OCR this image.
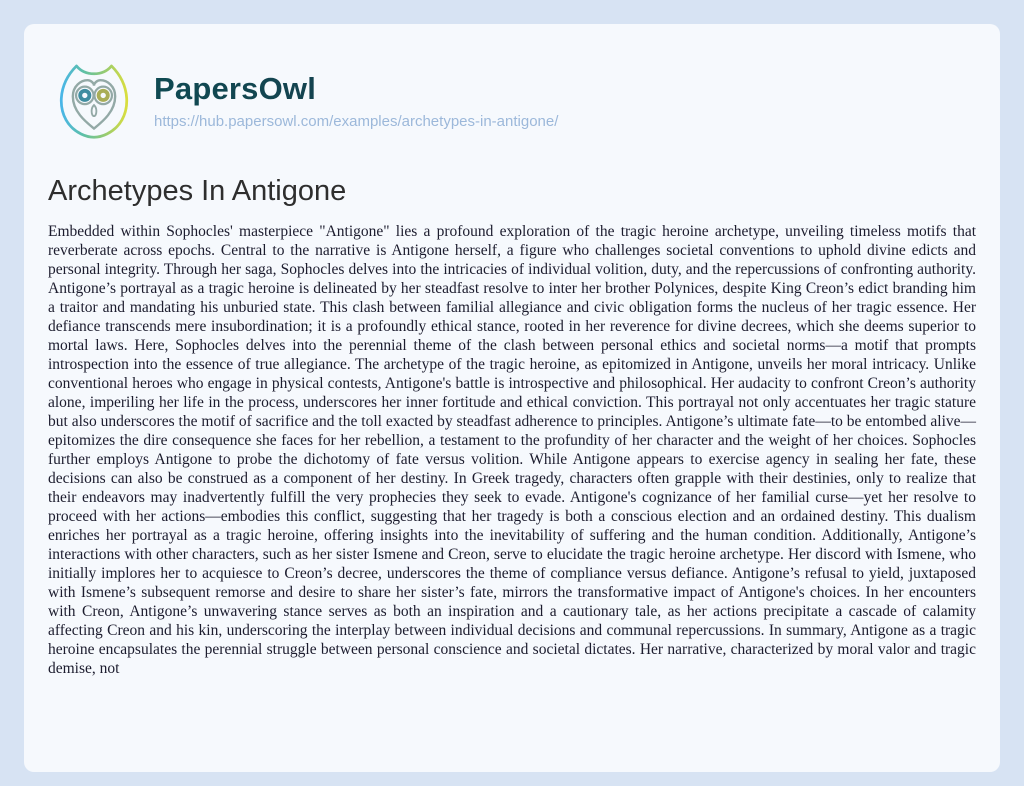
PapersOwl
https://hub.papersowl.com/examples/archetypes-in-antigone/
Archetypes In Antigone

Embedded within Sophocles' masterpiece "Antigone" lies a profound exploration of the tragic heroine archetype, unveiling timeless motifs that reverberate across epochs. Central to the narrative is Antigone herself, a figure who challenges societal conventions to uphold divine edicts and personal integrity. Through her saga, Sophocles delves into the intricacies of individual volition, duty, and the repercussions of confronting authority. Antigone’s portrayal as a tragic heroine is delineated by her steadfast resolve to inter her brother Polynices, despite King Creon’s edict branding him a traitor and mandating his unburied state. This clash between familial allegiance and civic obligation forms the nucleus of her tragic essence. Her defiance transcends mere insubordination; it is a profoundly ethical stance, rooted in her reverence for divine decrees, which she deems superior to mortal laws. Here, Sophocles delves into the perennial theme of the clash between personal ethics and societal norms—a motif that prompts introspection into the essence of true allegiance. The archetype of the tragic heroine, as epitomized in Antigone, unveils her moral intricacy. Unlike conventional heroes who engage in physical contests, Antigone's battle is introspective and philosophical. Her audacity to confront Creon’s authority alone, imperiling her life in the process, underscores her inner fortitude and ethical conviction. This portrayal not only accentuates her tragic stature but also underscores the motif of sacrifice and the toll exacted by steadfast adherence to principles. Antigone’s ultimate fate—to be entombed alive—epitomizes the dire consequence she faces for her rebellion, a testament to the profundity of her character and the weight of her choices. Sophocles further employs Antigone to probe the dichotomy of fate versus volition. While Antigone appears to exercise agency in sealing her fate, these decisions can also be construed as a component of her destiny. In Greek tragedy, characters often grapple with their destinies, only to realize that their endeavors may inadvertently fulfill the very prophecies they seek to evade. Antigone's cognizance of her familial curse—yet her resolve to proceed with her actions—embodies this conflict, suggesting that her tragedy is both a conscious election and an ordained destiny. This dualism enriches her portrayal as a tragic heroine, offering insights into the inevitability of suffering and the human condition. Additionally, Antigone’s interactions with other characters, such as her sister Ismene and Creon, serve to elucidate the tragic heroine archetype. Her discord with Ismene, who initially implores her to acquiesce to Creon’s decree, underscores the theme of compliance versus defiance. Antigone’s refusal to yield, juxtaposed with Ismene’s subsequent remorse and desire to share her sister’s fate, mirrors the transformative impact of Antigone's choices. In her encounters with Creon, Antigone’s unwavering stance serves as both an inspiration and a cautionary tale, as her actions precipitate a cascade of calamity affecting Creon and his kin, underscoring the interplay between individual decisions and communal repercussions. In summary, Antigone as a tragic heroine encapsulates the perennial struggle between personal conscience and societal dictates. Her narrative, characterized by moral valor and tragic demise, not
